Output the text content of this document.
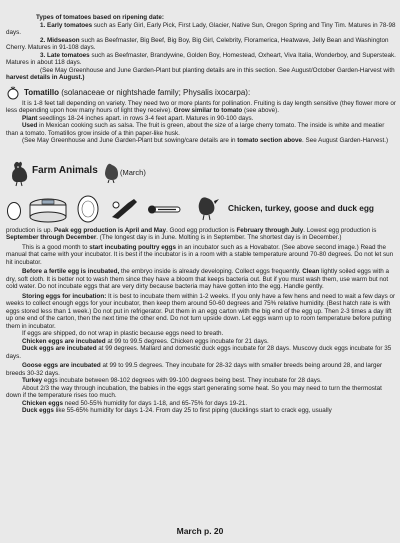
Types of tomatoes based on ripening date:

1. Early tomatoes such as Early Girl, Early Pick, First Lady, Glacier, Native Sun, Oregon Spring and Tiny Tim. Matures in 78-98 days.

2. Midseason such as Beefmaster, Big Beef, Big Boy, Big Girl, Celebrity, Floramerica, Heatwave, Jelly Bean and Washington Cherry. Matures in 91-108 days.

3. Late tomatoes such as Beefmaster, Brandywine, Golden Boy, Homestead, Oxheart, Viva Italia, Wonderboy, and Supersteak. Matures in about 118 days.

(See May Greenhouse and June Garden-Plant but planting details are in this section. See August/October Garden-Harvest with harvest details in August.)

Tomatillo (solanaceae or nightshade family; Physalis ixocarpa):

It is 1-8 feet tall depending on variety. They need two or more plants for pollination. Fruiting is day length sensitive (they flower more or less depending upon how many hours of light they receive). Grow similar to tomato (see above).

Plant seedlings 18-24 inches apart. in rows 3-4 feet apart. Matures in 90-100 days.

Used in Mexican cooking such as salsa. The fruit is green, about the size of a large cherry tomato. The inside is white and meatier than a tomato. Tomatillos grow inside of a thin paper-like husk.

(See May Greenhouse and June Garden-Plant but sowing/care details are in tomato section above. See August Garden-Harvest.)

Farm Animals	(March)
Chicken, turkey, goose and duck egg

production is up. Peak egg production is April and May. Good egg production is February through July. Lowest egg production is September through December. (The longest day is in June. Molting is in September. The shortest day is in December.)

This is a good month to start incubating poultry eggs in an incubator such as a Hovabator. (See above second image.) Read the manual that came with your incubator. It is best if the incubator is in a room with a stable temperature around 70-80 degrees. Do not let sun hit incubator.

Before a fertile egg is incubated, the embryo inside is already developing. Collect eggs frequently. Clean lightly soiled eggs with a dry, soft cloth. It is better not to wash them since they have a bloom that keeps bacteria out. But if you must wash them, use warm but not cold water. Do not incubate eggs that are very dirty because bacteria may have gotten into the egg. Handle gently.

Storing eggs for incubation: It is best to incubate them within 1-2 weeks. If you only have a few hens and need to wait a few days or weeks to collect enough eggs for your incubator, then keep them around 50-60 degrees and 75% relative humidity. (Best hatch rate is with eggs stored less than 1 week.) Do not put in refrigerator. Put them in an egg carton with the big end of the egg up. Then 2-3 times a day lift up one end of the carton, then the next time the other end. Do not turn upside down. Let eggs warm up to room temperature before putting them in incubator.

If eggs are shipped, do not wrap in plastic because eggs need to breath.

Chicken eggs are incubated at 99 to 99.5 degrees. Chicken eggs incubate for 21 days.

Duck eggs are incubated at 99 degrees. Mallard and domestic duck eggs incubate for 28 days. Muscovy duck eggs incubate for 35 days.

Goose eggs are incubated at 99 to 99.5 degrees. They incubate for 28-32 days with smaller breeds being around 28, and larger breeds 30-32 days.

Turkey eggs incubate between 98-102 degrees with 99-100 degrees being best. They incubate for 28 days.

About 2/3 the way through incubation, the babies in the eggs start generating some heat. So you may need to turn the thermostat down if the temperature rises too much.

Chicken eggs need 50-55% humidity for days 1-18, and 65-75% for days 19-21.

Duck eggs like 55-65% humidity for days 1-24. From day 25 to first piping (ducklings start to crack egg, usually

March p. 20
